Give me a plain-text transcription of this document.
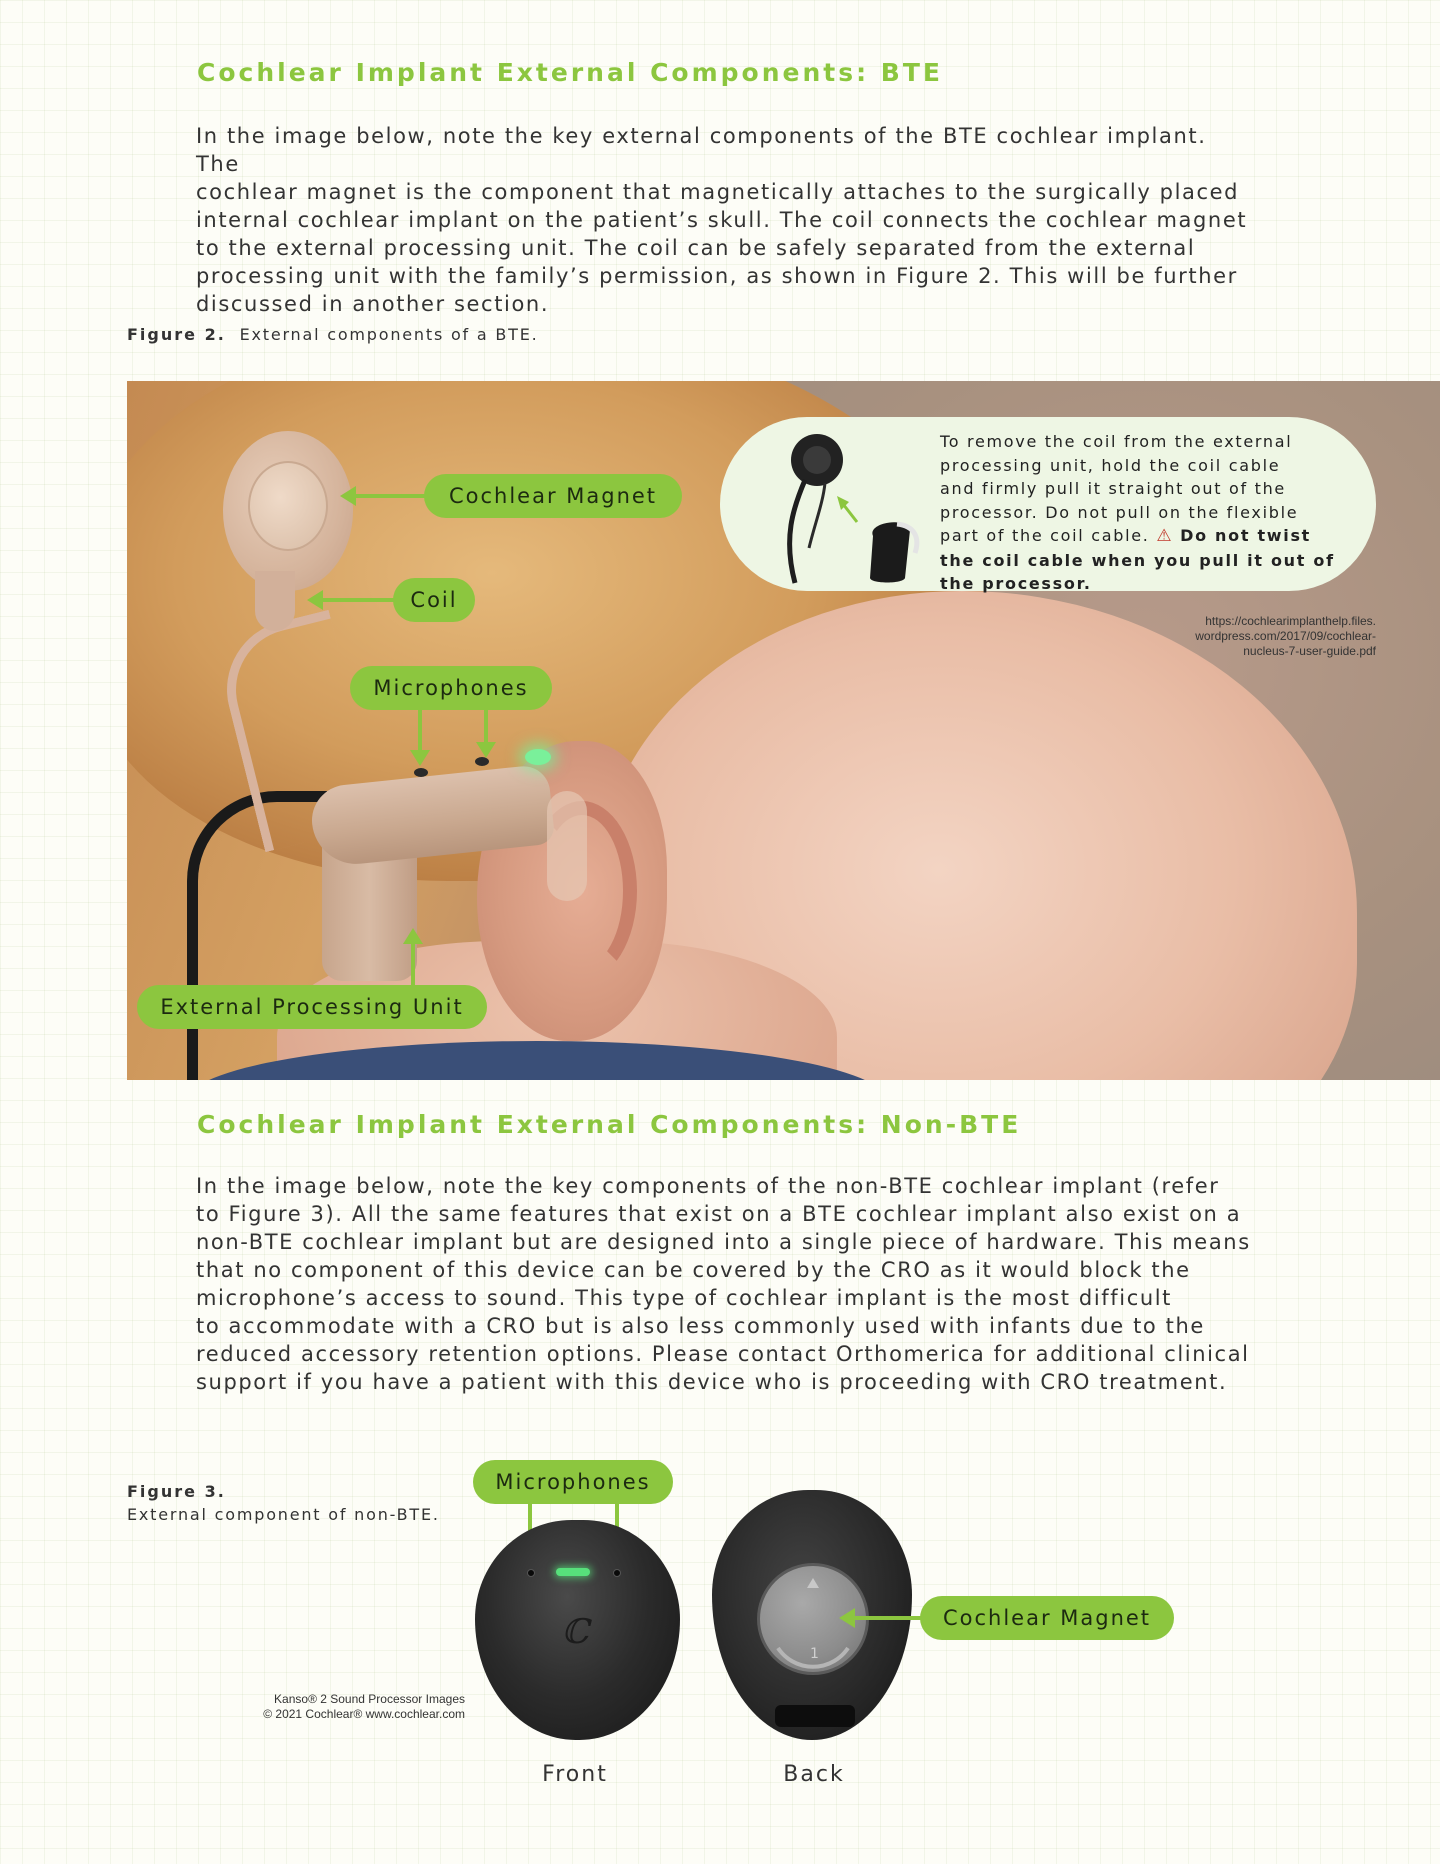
Cochlear Implant External Components: BTE
In the image below, note the key external components of the BTE cochlear implant. The
cochlear magnet is the component that magnetically attaches to the surgically placed
internal cochlear implant on the patient’s skull. The coil connects the cochlear magnet
to the external processing unit. The coil can be safely separated from the external
processing unit with the family’s permission, as shown in Figure 2. This will be further
discussed in another section.
Figure 2. External components of a BTE.
Cochlear Magnet
Coil
Microphones
External Processing Unit
To remove the coil from the external
processing unit, hold the coil cable
and firmly pull it straight out of the
processor. Do not pull on the flexible
part of the coil cable. ⚠ Do not twist
the coil cable when you pull it out of
the processor.
https://cochlearimplanthelp.files.
wordpress.com/2017/09/cochlear-
nucleus-7-user-guide.pdf
Cochlear Implant External Components: Non-BTE
In the image below, note the key components of the non-BTE cochlear implant (refer
to Figure 3). All the same features that exist on a BTE cochlear implant also exist on a
non-BTE cochlear implant but are designed into a single piece of hardware. This means
that no component of this device can be covered by the CRO as it would block the
microphone’s access to sound. This type of cochlear implant is the most difficult
to accommodate with a CRO but is also less commonly used with infants due to the
reduced accessory retention options. Please contact Orthomerica for additional clinical
support if you have a patient with this device who is proceeding with CRO treatment.
Figure 3.
External component of non-BTE.
Microphones
ℂ
1
Cochlear Magnet
Kanso® 2 Sound Processor Images
© 2021 Cochlear® www.cochlear.com
Front	Back
